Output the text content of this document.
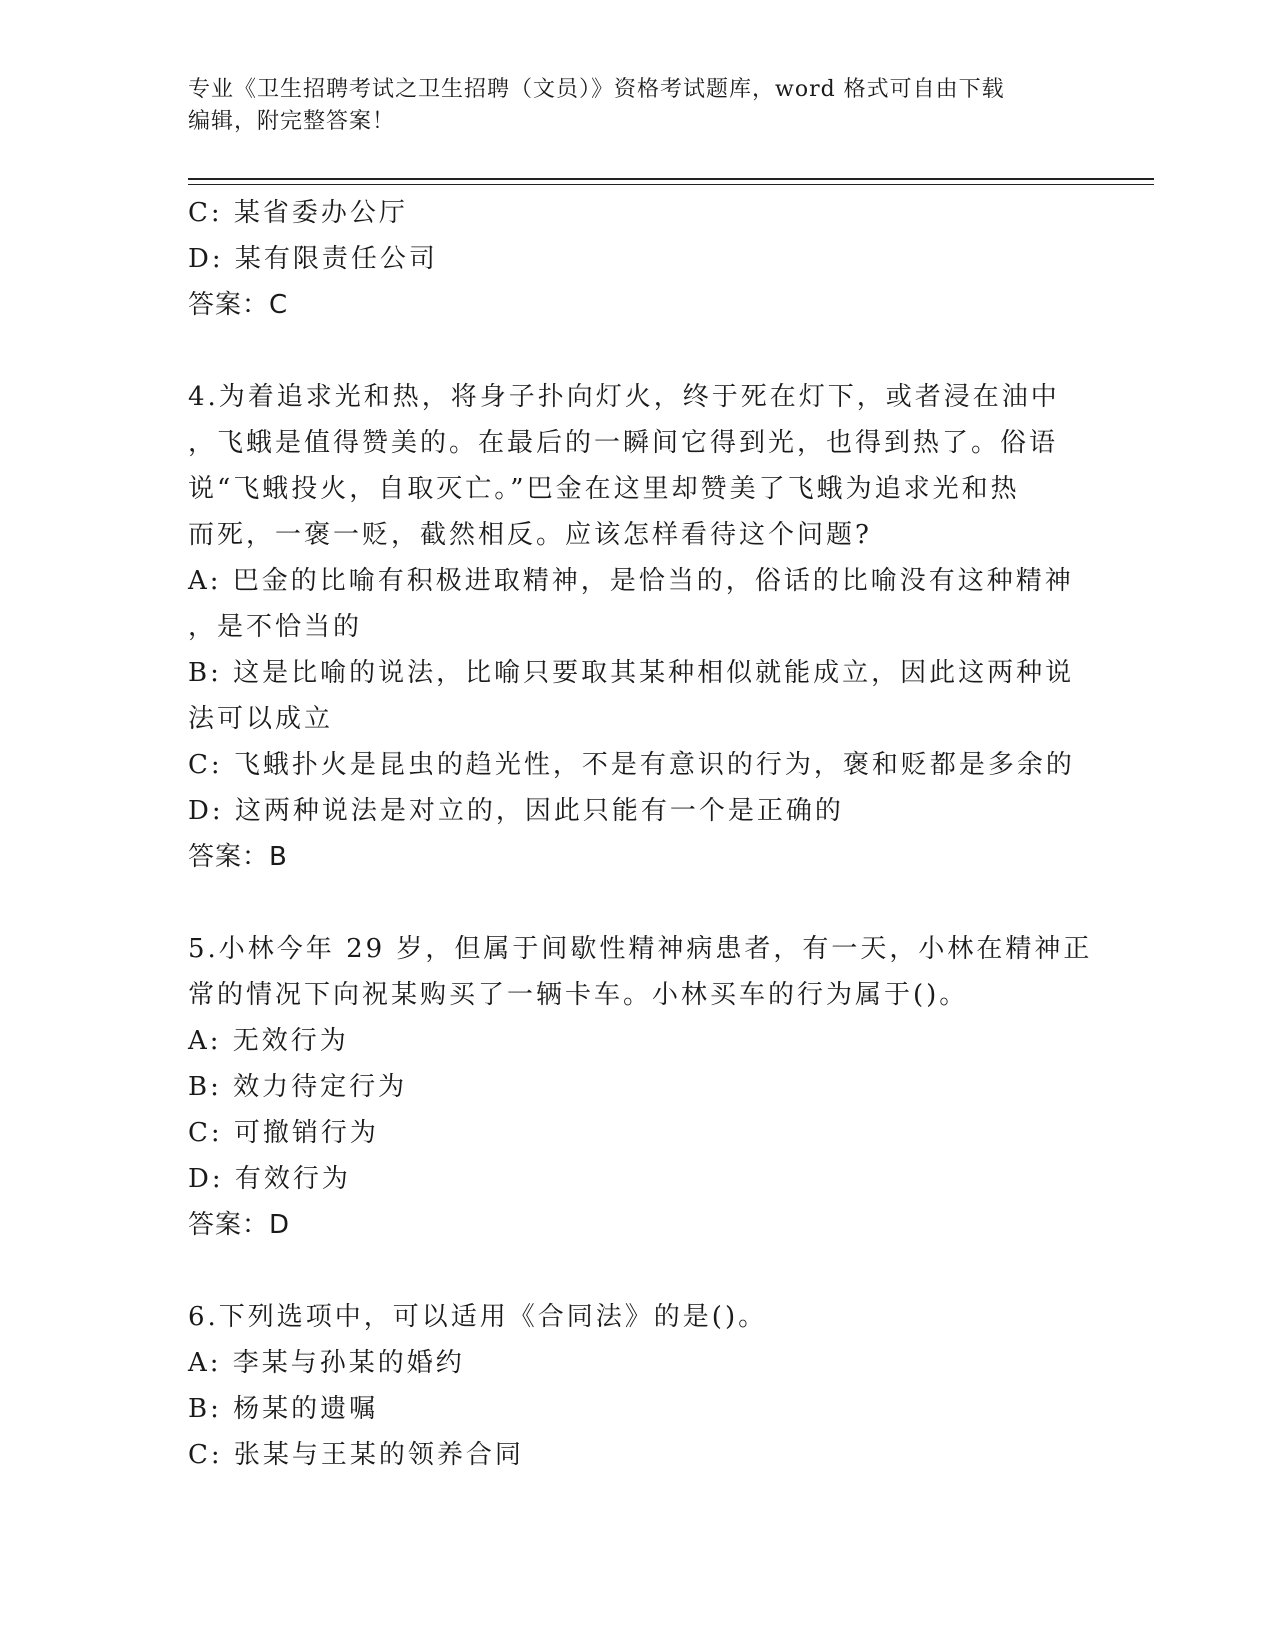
专业《卫生招聘考试之卫生招聘（文员）》资格考试题库，word 格式可自由下载
编辑，附完整答案！
C: 某省委办公厅
D: 某有限责任公司
答案：C
4.为着追求光和热，将身子扑向灯火，终于死在灯下，或者浸在油中
，飞蛾是值得赞美的。在最后的一瞬间它得到光，也得到热了。俗语
说“飞蛾投火，自取灭亡。”巴金在这里却赞美了飞蛾为追求光和热
而死，一褒一贬，截然相反。应该怎样看待这个问题?
A: 巴金的比喻有积极进取精神，是恰当的，俗话的比喻没有这种精神
，是不恰当的
B: 这是比喻的说法，比喻只要取其某种相似就能成立，因此这两种说
法可以成立
C: 飞蛾扑火是昆虫的趋光性，不是有意识的行为，褒和贬都是多余的
D: 这两种说法是对立的，因此只能有一个是正确的
答案：B
5.小林今年 29 岁，但属于间歇性精神病患者，有一天，小林在精神正
常的情况下向祝某购买了一辆卡车。小林买车的行为属于()。
A: 无效行为
B: 效力待定行为
C: 可撤销行为
D: 有效行为
答案：D
6.下列选项中，可以适用《合同法》的是()。
A: 李某与孙某的婚约
B: 杨某的遗嘱
C: 张某与王某的领养合同
